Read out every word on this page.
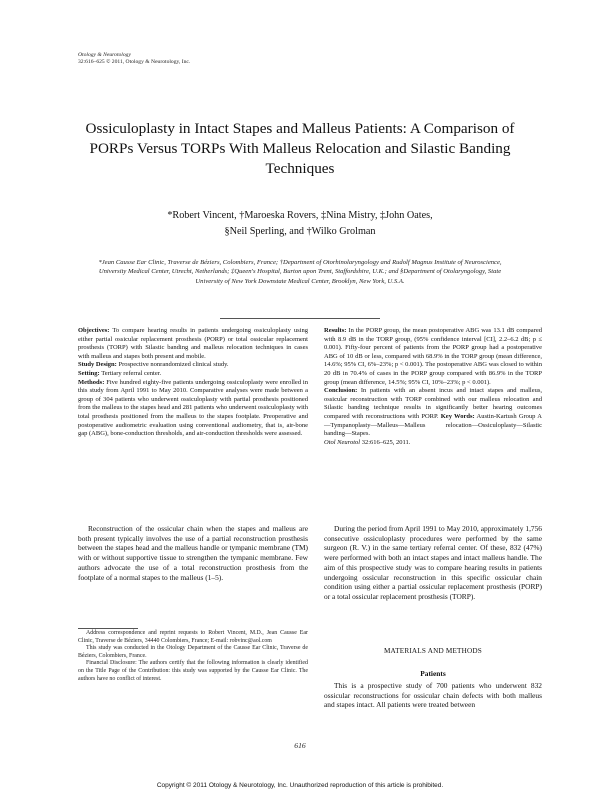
Otology & Neurotology
32:616–625 © 2011, Otology & Neurotology, Inc.
Ossiculoplasty in Intact Stapes and Malleus Patients: A Comparison of PORPs Versus TORPs With Malleus Relocation and Silastic Banding Techniques
*Robert Vincent, †Maroeska Rovers, ‡Nina Mistry, ‡John Oates,
§Neil Sperling, and †Wilko Grolman
*Jean Causse Ear Clinic, Traverse de Béziers, Colombiers, France; †Department of Otorhinolaryngology and Rudolf Magnus Institute of Neuroscience, University Medical Center, Utrecht, Netherlands; ‡Queen's Hospital, Burton upon Trent, Staffordshire, U.K.; and §Department of Otolaryngology, State University of New York Downstate Medical Center, Brooklyn, New York, U.S.A.

Objectives: To compare hearing results in patients undergoing ossiculoplasty using either partial ossicular replacement prosthesis (PORP) or total ossicular replacement prosthesis (TORP) with Silastic banding and malleus relocation techniques in cases with malleus and stapes both present and mobile.

Study Design: Prospective nonrandomized clinical study.

Setting: Tertiary referral center.

Methods: Five hundred eighty-five patients undergoing ossiculoplasty were enrolled in this study from April 1991 to May 2010. Comparative analyses were made between a group of 304 patients who underwent ossiculoplasty with partial prosthesis positioned from the malleus to the stapes head and 281 patients who underwent ossiculoplasty with total prosthesis positioned from the malleus to the stapes footplate. Preoperative and postoperative audiometric evaluation using conventional audiometry, that is, air-bone gap (ABG), bone-conduction thresholds, and air-conduction thresholds were assessed.

Results: In the PORP group, the mean postoperative ABG was 13.1 dB compared with 8.9 dB in the TORP group, (95% confidence interval [CI], 2.2–6.2 dB; p ≤ 0.001). Fifty-four percent of patients from the PORP group had a postoperative ABG of 10 dB or less, compared with 68.9% in the TORP group (mean difference, 14.6%; 95% CI, 6%–23%; p < 0.001). The postoperative ABG was closed to within 20 dB in 70.4% of cases in the PORP group compared with 86.9% in the TORP group (mean difference, 14.5%; 95% CI, 10%–23%; p < 0.001).

Conclusion: In patients with an absent incus and intact stapes and malleus, ossicular reconstruction with TORP combined with our malleus relocation and Silastic banding technique results in significantly better hearing outcomes compared with reconstructions with PORP. Key Words: Austin-Kartush Group A—Tympanoplasty—Malleus—Malleus relocation—Ossiculoplasty—Silastic banding—Stapes.

Otol Neurotol 32:616–625, 2011.

Reconstruction of the ossicular chain when the stapes and malleus are both present typically involves the use of a partial reconstruction prosthesis between the stapes head and the malleus handle or tympanic membrane (TM) with or without supportive tissue to strengthen the tympanic membrane. Few authors advocate the use of a total reconstruction prosthesis from the footplate of a normal stapes to the malleus (1–5).

Address correspondence and reprint requests to Robert Vincent, M.D., Jean Causse Ear Clinic, Traverse de Béziers, 34440 Colombiers, France; E-mail: robvinc@aol.com

This study was conducted in the Otology Department of the Causse Ear Clinic, Traverse de Béziers, Colombiers, France.

Financial Disclosure: The authors certify that the following information is clearly identified on the Title Page of the Contribution: this study was supported by the Causse Ear Clinic. The authors have no conflict of interest.

During the period from April 1991 to May 2010, approximately 1,756 consecutive ossiculoplasty procedures were performed by the same surgeon (R. V.) in the same tertiary referral center. Of these, 832 (47%) were performed with both an intact stapes and intact malleus handle. The aim of this prospective study was to compare hearing results in patients undergoing ossicular reconstruction in this specific ossicular chain condition using either a partial ossicular replacement prosthesis (PORP) or a total ossicular replacement prosthesis (TORP).

MATERIALS AND METHODS
Patients

This is a prospective study of 700 patients who underwent 832 ossicular reconstructions for ossicular chain defects with both malleus and stapes intact. All patients were treated between

616
Copyright © 2011 Otology & Neurotology, Inc. Unauthorized reproduction of this article is prohibited.
